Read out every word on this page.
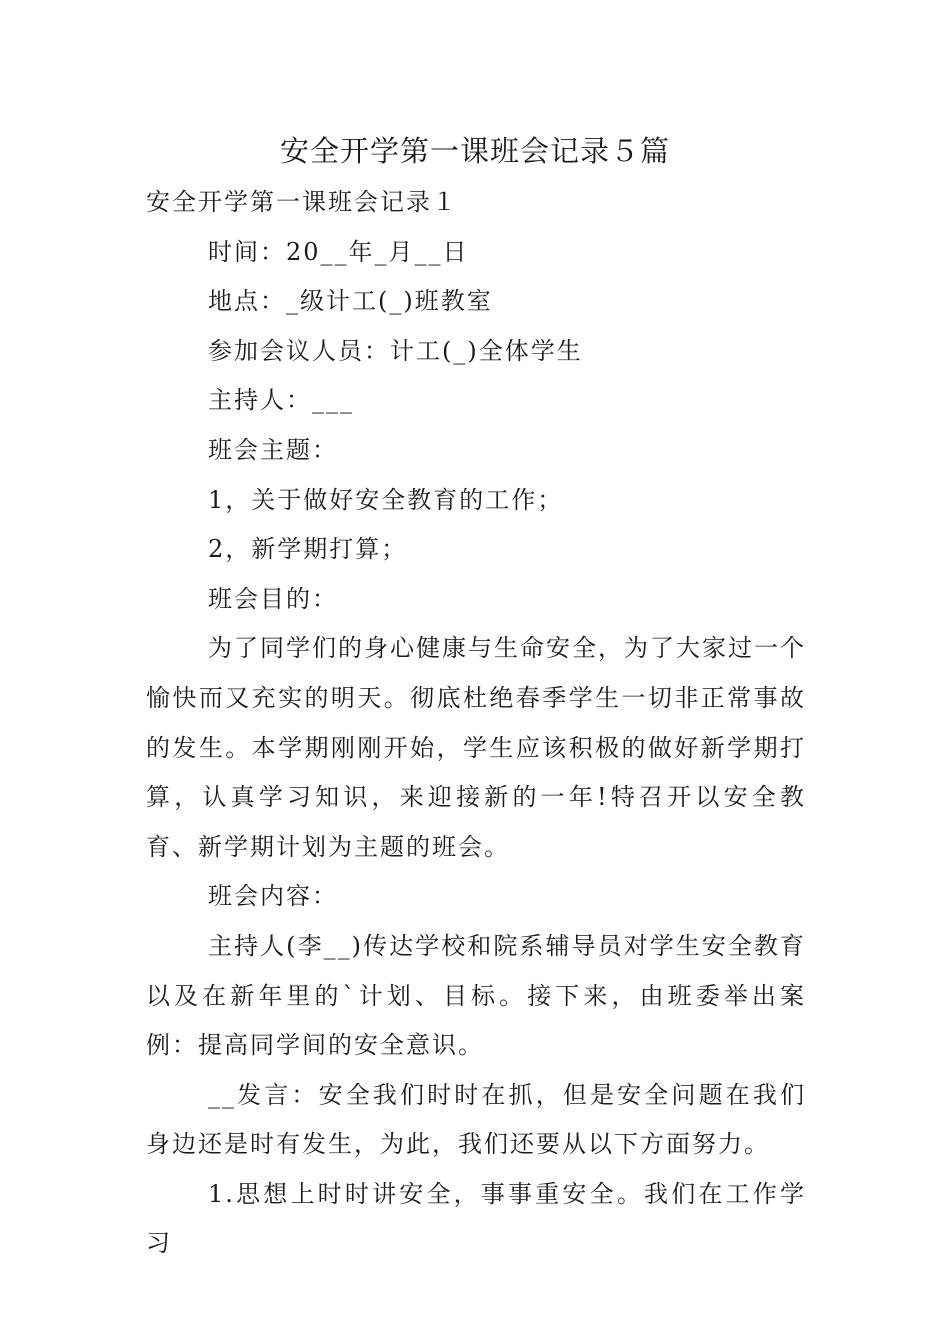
安全开学第一课班会记录５篇

安全开学第一课班会记录１

时间：20__年_月__日

地点：_级计工(_)班教室

参加会议人员：计工(_)全体学生

主持人：___

班会主题：

1，关于做好安全教育的工作；

2，新学期打算；

班会目的：

为了同学们的身心健康与生命安全，为了大家过一个愉快而又充实的明天。彻底杜绝春季学生一切非正常事故的发生。本学期刚刚开始，学生应该积极的做好新学期打算，认真学习知识，来迎接新的一年!特召开以安全教育、新学期计划为主题的班会。

班会内容：

主持人(李__)传达学校和院系辅导员对学生安全教育以及在新年里的`计划、目标。接下来，由班委举出案例：提高同学间的安全意识。

__发言：安全我们时时在抓，但是安全问题在我们身边还是时有发生，为此，我们还要从以下方面努力。

1.思想上时时讲安全，事事重安全。我们在工作学习
